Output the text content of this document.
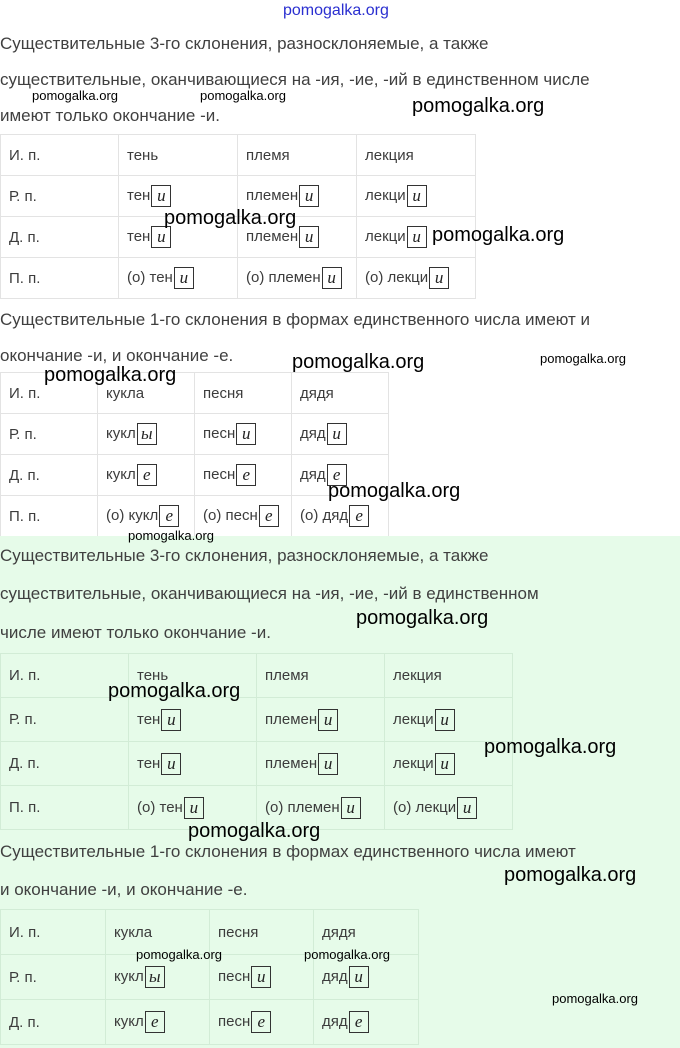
pomogalka.org

Существительные 3-го склонения, разносклоняемые, а также

существительные, оканчивающиеся на -ия, -ие, -ий в единственном числе

имеют только окончание -и.

И. п.	тень	племя	лекция
Р. п.	тен и	племен и	лекци и
Д. п.	тен и	племен и	лекци и
П. п.	(о) тен и	(о) племен и	(о) лекци и

Существительные 1-го склонения в формах единственного числа имеют и

окончание -и, и окончание -е.

И. п.	кукла	песня	дядя
Р. п.	кукл ы	песн и	дяд и
Д. п.	кукл е	песн е	дяд е
П. п.	(о) кукл е	(о) песн е	(о) дяд е

Существительные 3-го склонения, разносклоняемые, а также

существительные, оканчивающиеся на -ия, -ие, -ий в единственном

числе имеют только окончание -и.

И. п.	тень	племя	лекция
Р. п.	тен и	племен и	лекци и
Д. п.	тен и	племен и	лекци и
П. п.	(о) тен и	(о) племен и	(о) лекци и

Существительные 1-го склонения в формах единственного числа имеют

и окончание -и, и окончание -е.

И. п.	кукла	песня	дядя
Р. п.	кукл ы	песн и	дяд и
Д. п.	кукл е	песн е	дяд е
pomogalka.org	pomogalka.org	pomogalka.org
pomogalka.org
pomogalka.org
pomogalka.org	pomogalka.org
pomogalka.org
pomogalka.org
pomogalka.org
pomogalka.org
pomogalka.org
pomogalka.org
pomogalka.org
pomogalka.org
pomogalka.org	pomogalka.org
pomogalka.org
